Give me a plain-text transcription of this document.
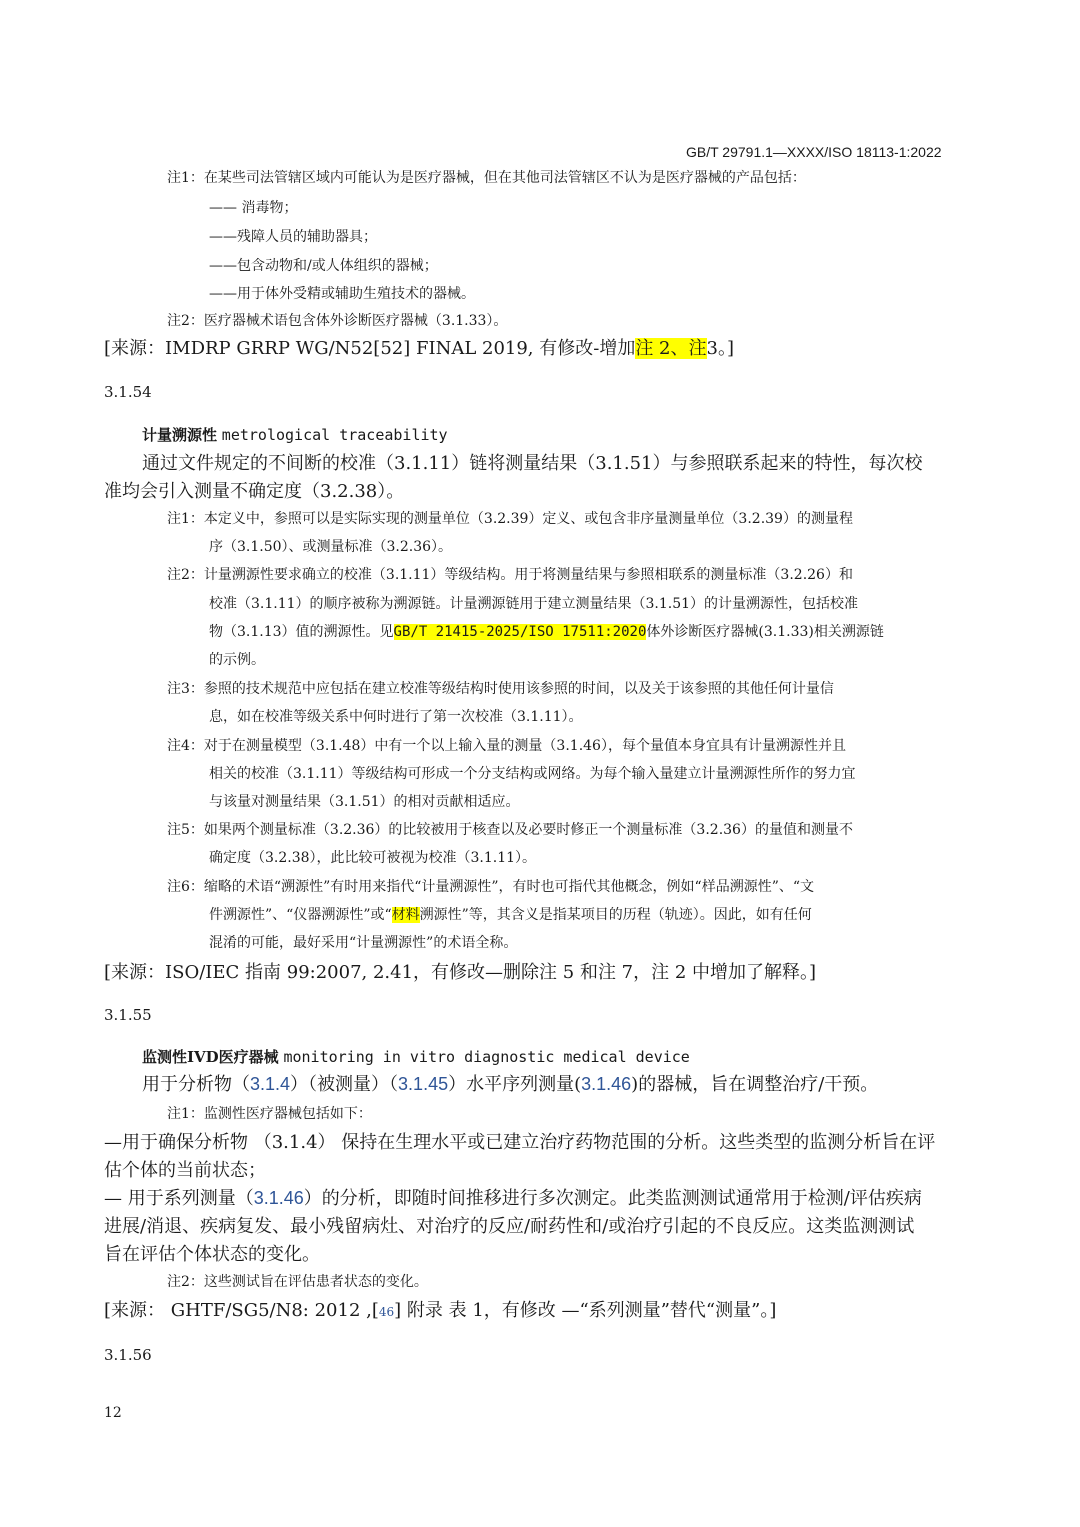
GB/T 29791.1—XXXX/ISO 18113-1:2022
注1：在某些司法管辖区域内可能认为是医疗器械，但在其他司法管辖区不认为是医疗器械的产品包括：
—— 消毒物；
——残障人员的辅助器具；
——包含动物和/或人体组织的器械；
——用于体外受精或辅助生殖技术的器械。
注2：医疗器械术语包含体外诊断医疗器械（3.1.33）。
[来源：IMDRP GRRP WG/N52[52] FINAL 2019, 有修改-增加注 2、注3。]
3.1.54
计量溯源性 metrological traceability
通过文件规定的不间断的校准（3.1.11）链将测量结果（3.1.51）与参照联系起来的特性，每次校
准均会引入测量不确定度（3.2.38）。
注1：本定义中，参照可以是实际实现的测量单位（3.2.39）定义、或包含非序量测量单位（3.2.39）的测量程
序（3.1.50）、或测量标准（3.2.36）。
注2：计量溯源性要求确立的校准（3.1.11）等级结构。用于将测量结果与参照相联系的测量标准（3.2.26）和
校准（3.1.11）的顺序被称为溯源链。计量溯源链用于建立测量结果（3.1.51）的计量溯源性，包括校准
物（3.1.13）值的溯源性。见GB/T 21415-2025/ISO 17511:2020体外诊断医疗器械(3.1.33)相关溯源链
的示例。
注3：参照的技术规范中应包括在建立校准等级结构时使用该参照的时间，以及关于该参照的其他任何计量信
息，如在校准等级关系中何时进行了第一次校准（3.1.11）。
注4：对于在测量模型（3.1.48）中有一个以上输入量的测量（3.1.46），每个量值本身宜具有计量溯源性并且
相关的校准（3.1.11）等级结构可形成一个分支结构或网络。为每个输入量建立计量溯源性所作的努力宜
与该量对测量结果（3.1.51）的相对贡献相适应。
注5：如果两个测量标准（3.2.36）的比较被用于核查以及必要时修正一个测量标准（3.2.36）的量值和测量不
确定度（3.2.38），此比较可被视为校准（3.1.11）。
注6：缩略的术语“溯源性”有时用来指代“计量溯源性”，有时也可指代其他概念，例如“样品溯源性”、“文
件溯源性”、“仪器溯源性”或“材料溯源性”等，其含义是指某项目的历程（轨迹）。因此，如有任何
混淆的可能，最好采用“计量溯源性”的术语全称。
[来源：ISO/IEC 指南 99:2007, 2.41，有修改—删除注 5 和注 7，注 2 中增加了解释。]
3.1.55
监测性IVD医疗器械 monitoring in vitro diagnostic medical device
用于分析物（3.1.4）（被测量）（3.1.45）水平序列测量(3.1.46)的器械，旨在调整治疗/干预。
注1：监测性医疗器械包括如下：
—用于确保分析物 （3.1.4） 保持在生理水平或已建立治疗药物范围的分析。这些类型的监测分析旨在评
估个体的当前状态；
— 用于系列测量（3.1.46）的分析，即随时间推移进行多次测定。此类监测测试通常用于检测/评估疾病
进展/消退、疾病复发、最小残留病灶、对治疗的反应/耐药性和/或治疗引起的不良反应。这类监测测试
旨在评估个体状态的变化。
注2：这些测试旨在评估患者状态的变化。
[来源： GHTF/SG5/N8: 2012 ,[46] 附录 表 1，有修改 —“系列测量”替代“测量”。]
3.1.56
12
